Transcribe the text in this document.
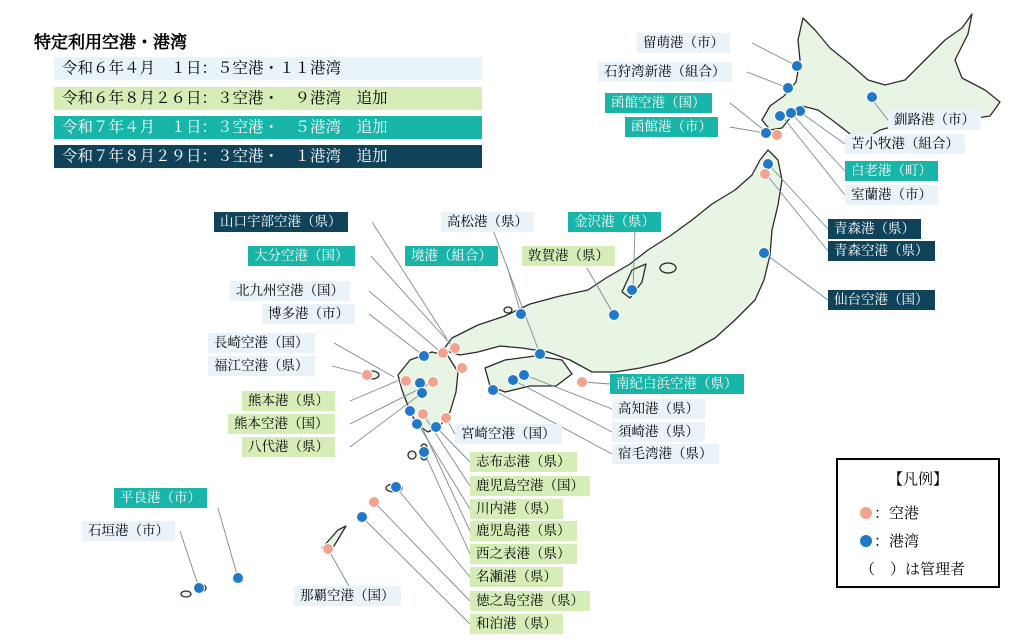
特定利用空港・港湾
令和６年４月　１日：５空港・１１港湾
令和６年８月２６日：３空港・　９港湾　追加
令和７年４月　１日：３空港・　５港湾　追加
令和７年８月２９日：３空港・　１港湾　追加
留萌港（市）
石狩湾新港（組合）
函館空港（国）
函館港（市）	釧路港（市）
苫小牧港（組合）
白老港（町）
室蘭港（市）
青森港（県）
青森空港（県）
仙台空港（国）
山口宇部空港（県）	高松港（県）	金沢港（県）
大分空港（国）	境港（組合）	敦賀港（県）
北九州空港（国）
博多港（市）
長崎空港（国）
福江空港（県）
南紀白浜空港（県）
高知港（県）
須崎港（県）
宿毛湾港（県）
熊本港（県）
熊本空港（国）
八代港（県）
宮崎空港（国）
志布志港（県）
鹿児島空港（国）
川内港（県）
鹿児島港（県）
西之表港（県）
名瀬港（県）
徳之島空港（県）
和泊港（県）
平良港（市）
石垣港（市）
那覇空港（国）
【凡例】
：空港
：港湾
（　）は管理者
